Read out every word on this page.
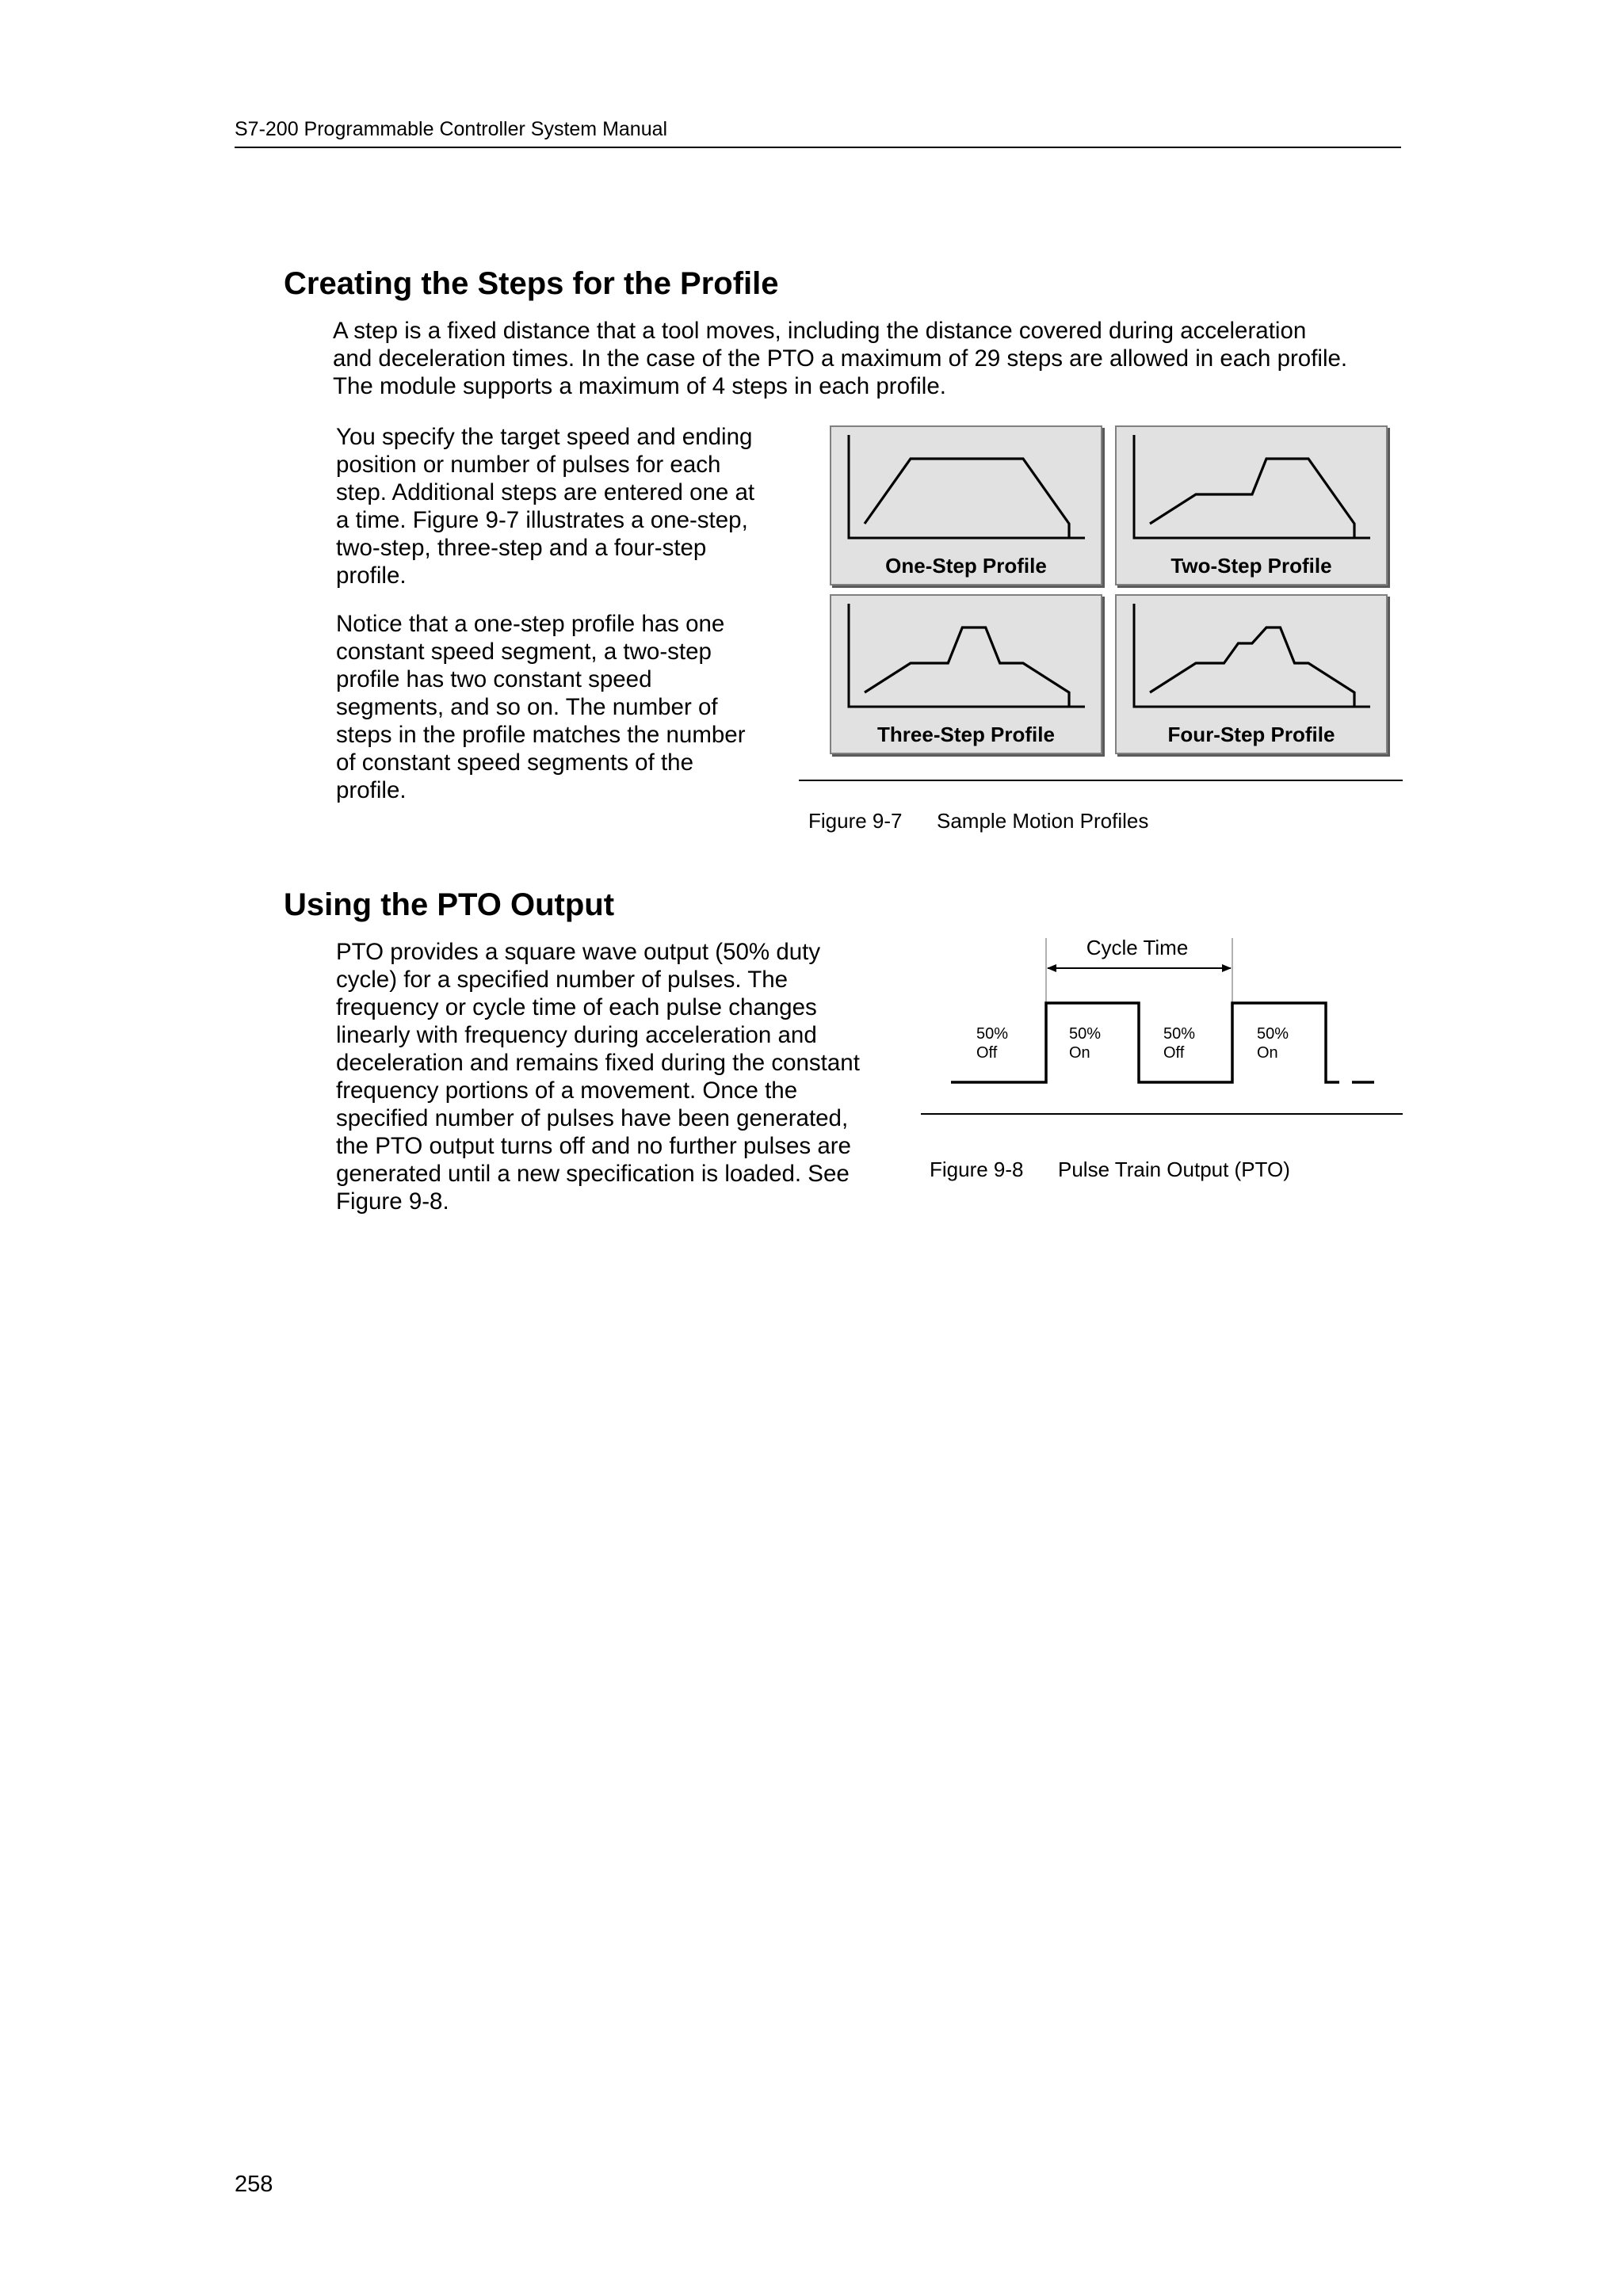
S7-200 Programmable Controller System Manual
Creating the Steps for the Profile

A step is a fixed distance that a tool moves, including the distance covered during acceleration

and deceleration times. In the case of the PTO a maximum of 29 steps are allowed in each profile.

The module supports a maximum of 4 steps in each profile.

You specify the target speed and ending

position or number of pulses for each

step. Additional steps are entered one at

a time. Figure 9-7 illustrates a one-step,

two-step, three-step and a four-step

profile.

Notice that a one-step profile has one

constant speed segment, a two-step

profile has two constant speed

segments, and so on. The number of

steps in the profile matches the number

of constant speed segments of the

profile.

One-Step Profile	Two-Step Profile
Three-Step Profile	Four-Step Profile
Figure 9-7 Sample Motion Profiles
Using the PTO Output

PTO provides a square wave output (50% duty

cycle) for a specified number of pulses. The

frequency or cycle time of each pulse changes

linearly with frequency during acceleration and

deceleration and remains fixed during the constant

frequency portions of a movement. Once the

specified number of pulses have been generated,

the PTO output turns off and no further pulses are

generated until a new specification is loaded. See

Figure 9-8.

Cycle Time
50%
Off
50%
On
50%
Off
50%
On
Figure 9-8 Pulse Train Output (PTO)
258
